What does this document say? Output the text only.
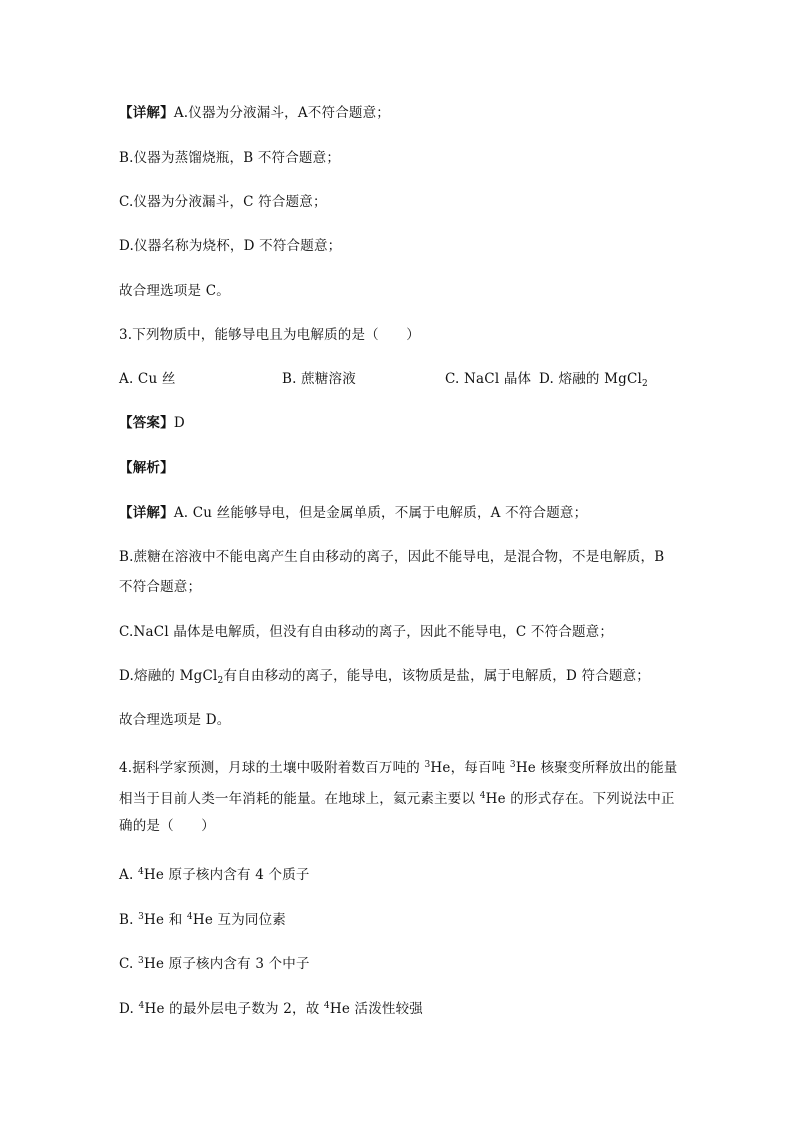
【详解】A.仪器为分液漏斗，A不符合题意；
B.仪器为蒸馏烧瓶，B 不符合题意；
C.仪器为分液漏斗，C 符合题意；
D.仪器名称为烧杯，D 不符合题意；
故合理选项是 C。
3.下列物质中，能够导电且为电解质的是（　　）
A. Cu 丝	B. 蔗糖溶液	C. NaCl 晶体 D. 熔融的 MgCl$_2$
【答案】D
【解析】
【详解】A. Cu 丝能够导电，但是金属单质，不属于电解质，A 不符合题意；
B.蔗糖在溶液中不能电离产生自由移动的离子，因此不能导电，是混合物，不是电解质，B
不符合题意；
C.NaCl 晶体是电解质，但没有自由移动的离子，因此不能导电，C 不符合题意；
D.熔融的 MgCl$_2$有自由移动的离子，能导电，该物质是盐，属于电解质，D 符合题意；
故合理选项是 D。
4.据科学家预测，月球的土壤中吸附着数百万吨的 $^3$He，每百吨 $^3$He 核聚变所释放出的能量
相当于目前人类一年消耗的能量。在地球上，氦元素主要以 $^4$He 的形式存在。下列说法中正
确的是（　　）
A. $^4$He 原子核内含有 4 个质子
B. $^3$He 和 $^4$He 互为同位素
C. $^3$He 原子核内含有 3 个中子
D. $^4$He 的最外层电子数为 2，故 $^4$He 活泼性较强
